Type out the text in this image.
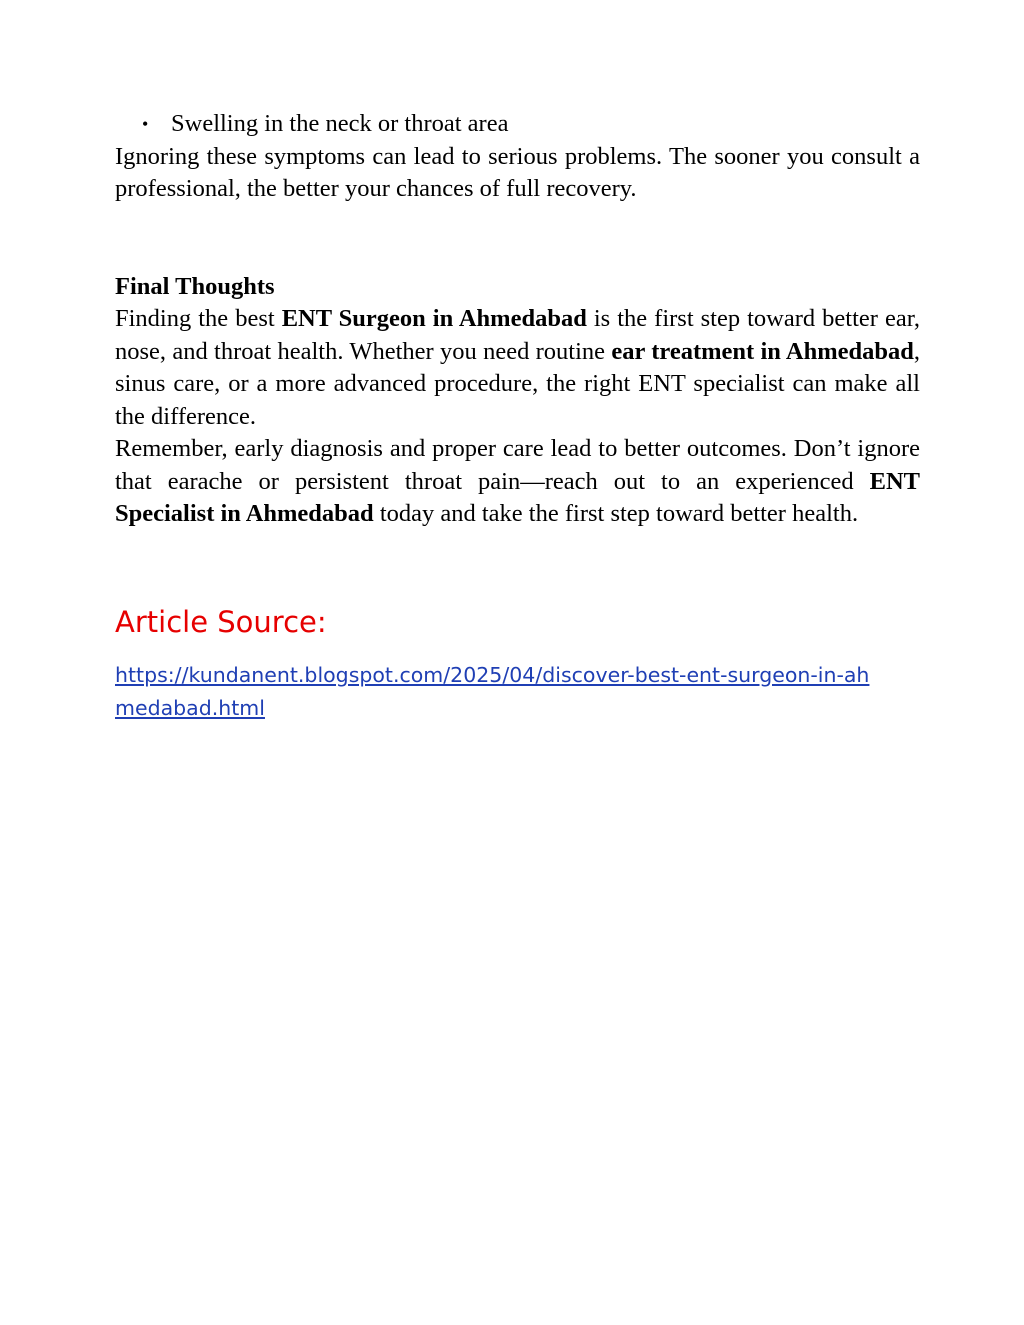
• Swelling in the neck or throat area

Ignoring these symptoms can lead to serious problems. The sooner you consult a professional, the better your chances of full recovery.

Final Thoughts

Finding the best ENT Surgeon in Ahmedabad is the first step toward better ear, nose, and throat health. Whether you need routine ear treatment in Ahmedabad, sinus care, or a more advanced procedure, the right ENT specialist can make all the difference.

Remember, early diagnosis and proper care lead to better outcomes. Don’t ignore that earache or persistent throat pain—reach out to an experienced ENT Specialist in Ahmedabad today and take the first step toward better health.

Article Source:
https://kundanent.blogspot.com/2025/04/discover-best-ent-surgeon-in-ahmedabad.html
